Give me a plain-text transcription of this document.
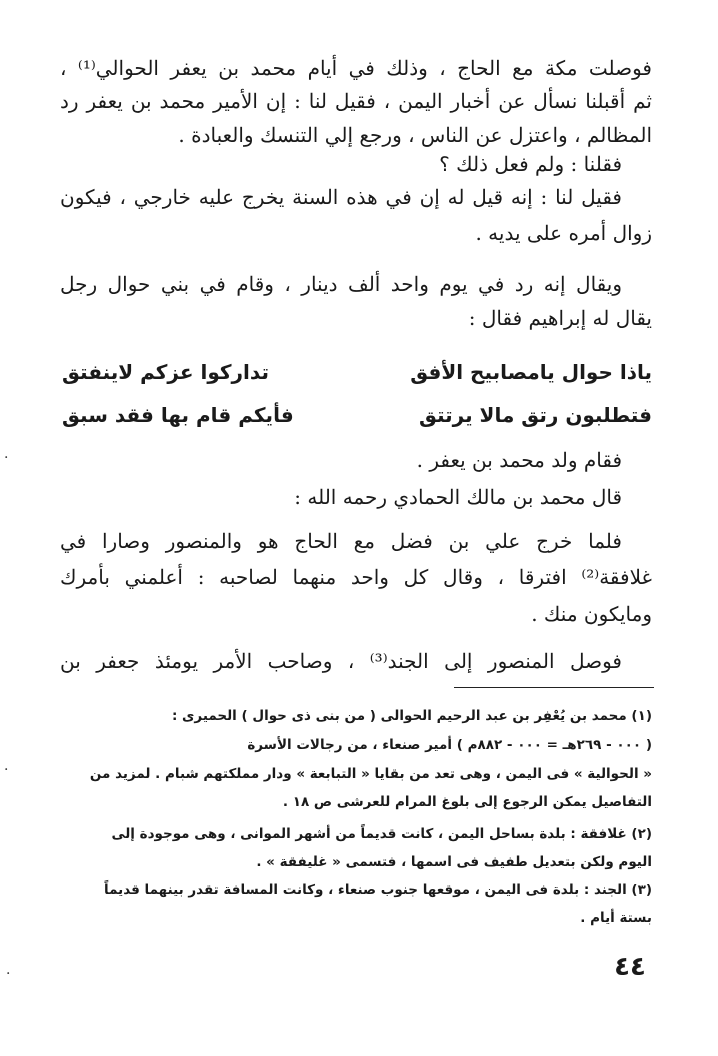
فوصلت مكة مع الحاج ، وذلك في أيام محمد بن يعفر الحوالي⁽¹⁾ ،
ثم أقبلنا نسأل عن أخبار اليمن ، فقيل لنا : إن الأمير محمد بن يعفر رد
المظالم ، واعتزل عن الناس ، ورجع إلي التنسك والعبادة .
فقلنا : ولم فعل ذلك ؟
فقيل لنا : إنه قيل له إن في هذه السنة يخرج عليه خارجي ، فيكون
زوال أمره على يديه .
ويقال إنه رد في يوم واحد ألف دينار ، وقام في بني حوال رجل
يقال له إبراهيم فقال :
ياذا حوال يامصابيح الأفق
تداركوا عزكم لاينفتق
فتطلبون رتق مالا يرتتق
فأيكم قام بها فقد سبق
فقام ولد محمد بن يعفر .
قال محمد بن مالك الحمادي رحمه الله :
فلما خرج علي بن فضل مع الحاج هو والمنصور وصارا في
غلافقة⁽²⁾ افترقا ، وقال كل واحد منهما لصاحبه : أعلمني بأمرك
ومايكون منك .
فوصل المنصور إلى الجند⁽³⁾ ، وصاحب الأمر يومئذ جعفر بن
(١) محمد بن يُعْفِر بن عبد الرحيم الحوالى ( من بنى ذى حوال ) الحميرى :
( ٠٠٠ - ٢٦٩هـ = ٠٠٠ - ٨٨٢م ) أمير صنعاء ، من رجالات الأسرة
« الحوالية » فى اليمن ، وهى تعد من بقايا « التبابعة » ودار مملكتهم شبام . لمزيد من
التفاصيل يمكن الرجوع إلى بلوغ المرام للعرشى ص ١٨ .
(٢) غلافقة : بلدة بساحل اليمن ، كانت قديماً من أشهر الموانى ، وهى موجودة إلى
اليوم ولكن بتعديل طفيف فى اسمها ، فتسمى « غليفقة » .
(٣) الجند : بلدة فى اليمن ، موقعها جنوب صنعاء ، وكانت المسافة تقدر بينهما قديماً
بستة أيام .
٤٤
·
·
·
